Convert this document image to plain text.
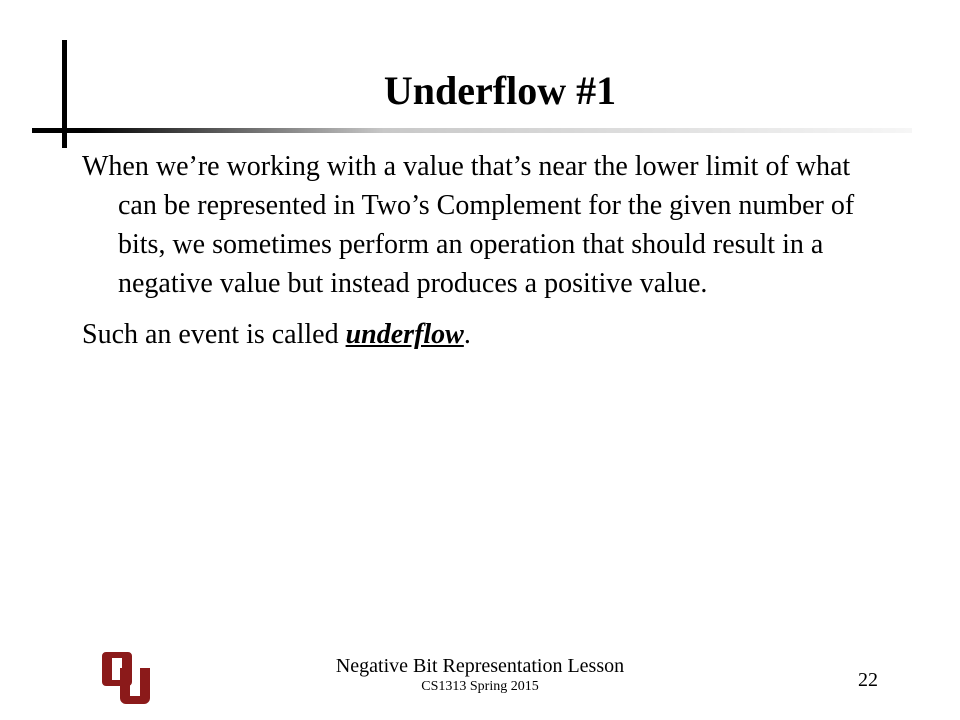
Underflow #1

When we’re working with a value that’s near the lower limit of what can be represented in Two’s Complement for the given number of bits, we sometimes perform an operation that should result in a negative value but instead produces a positive value.

Such an event is called underflow.

Negative Bit Representation Lesson
CS1313 Spring 2015	22
